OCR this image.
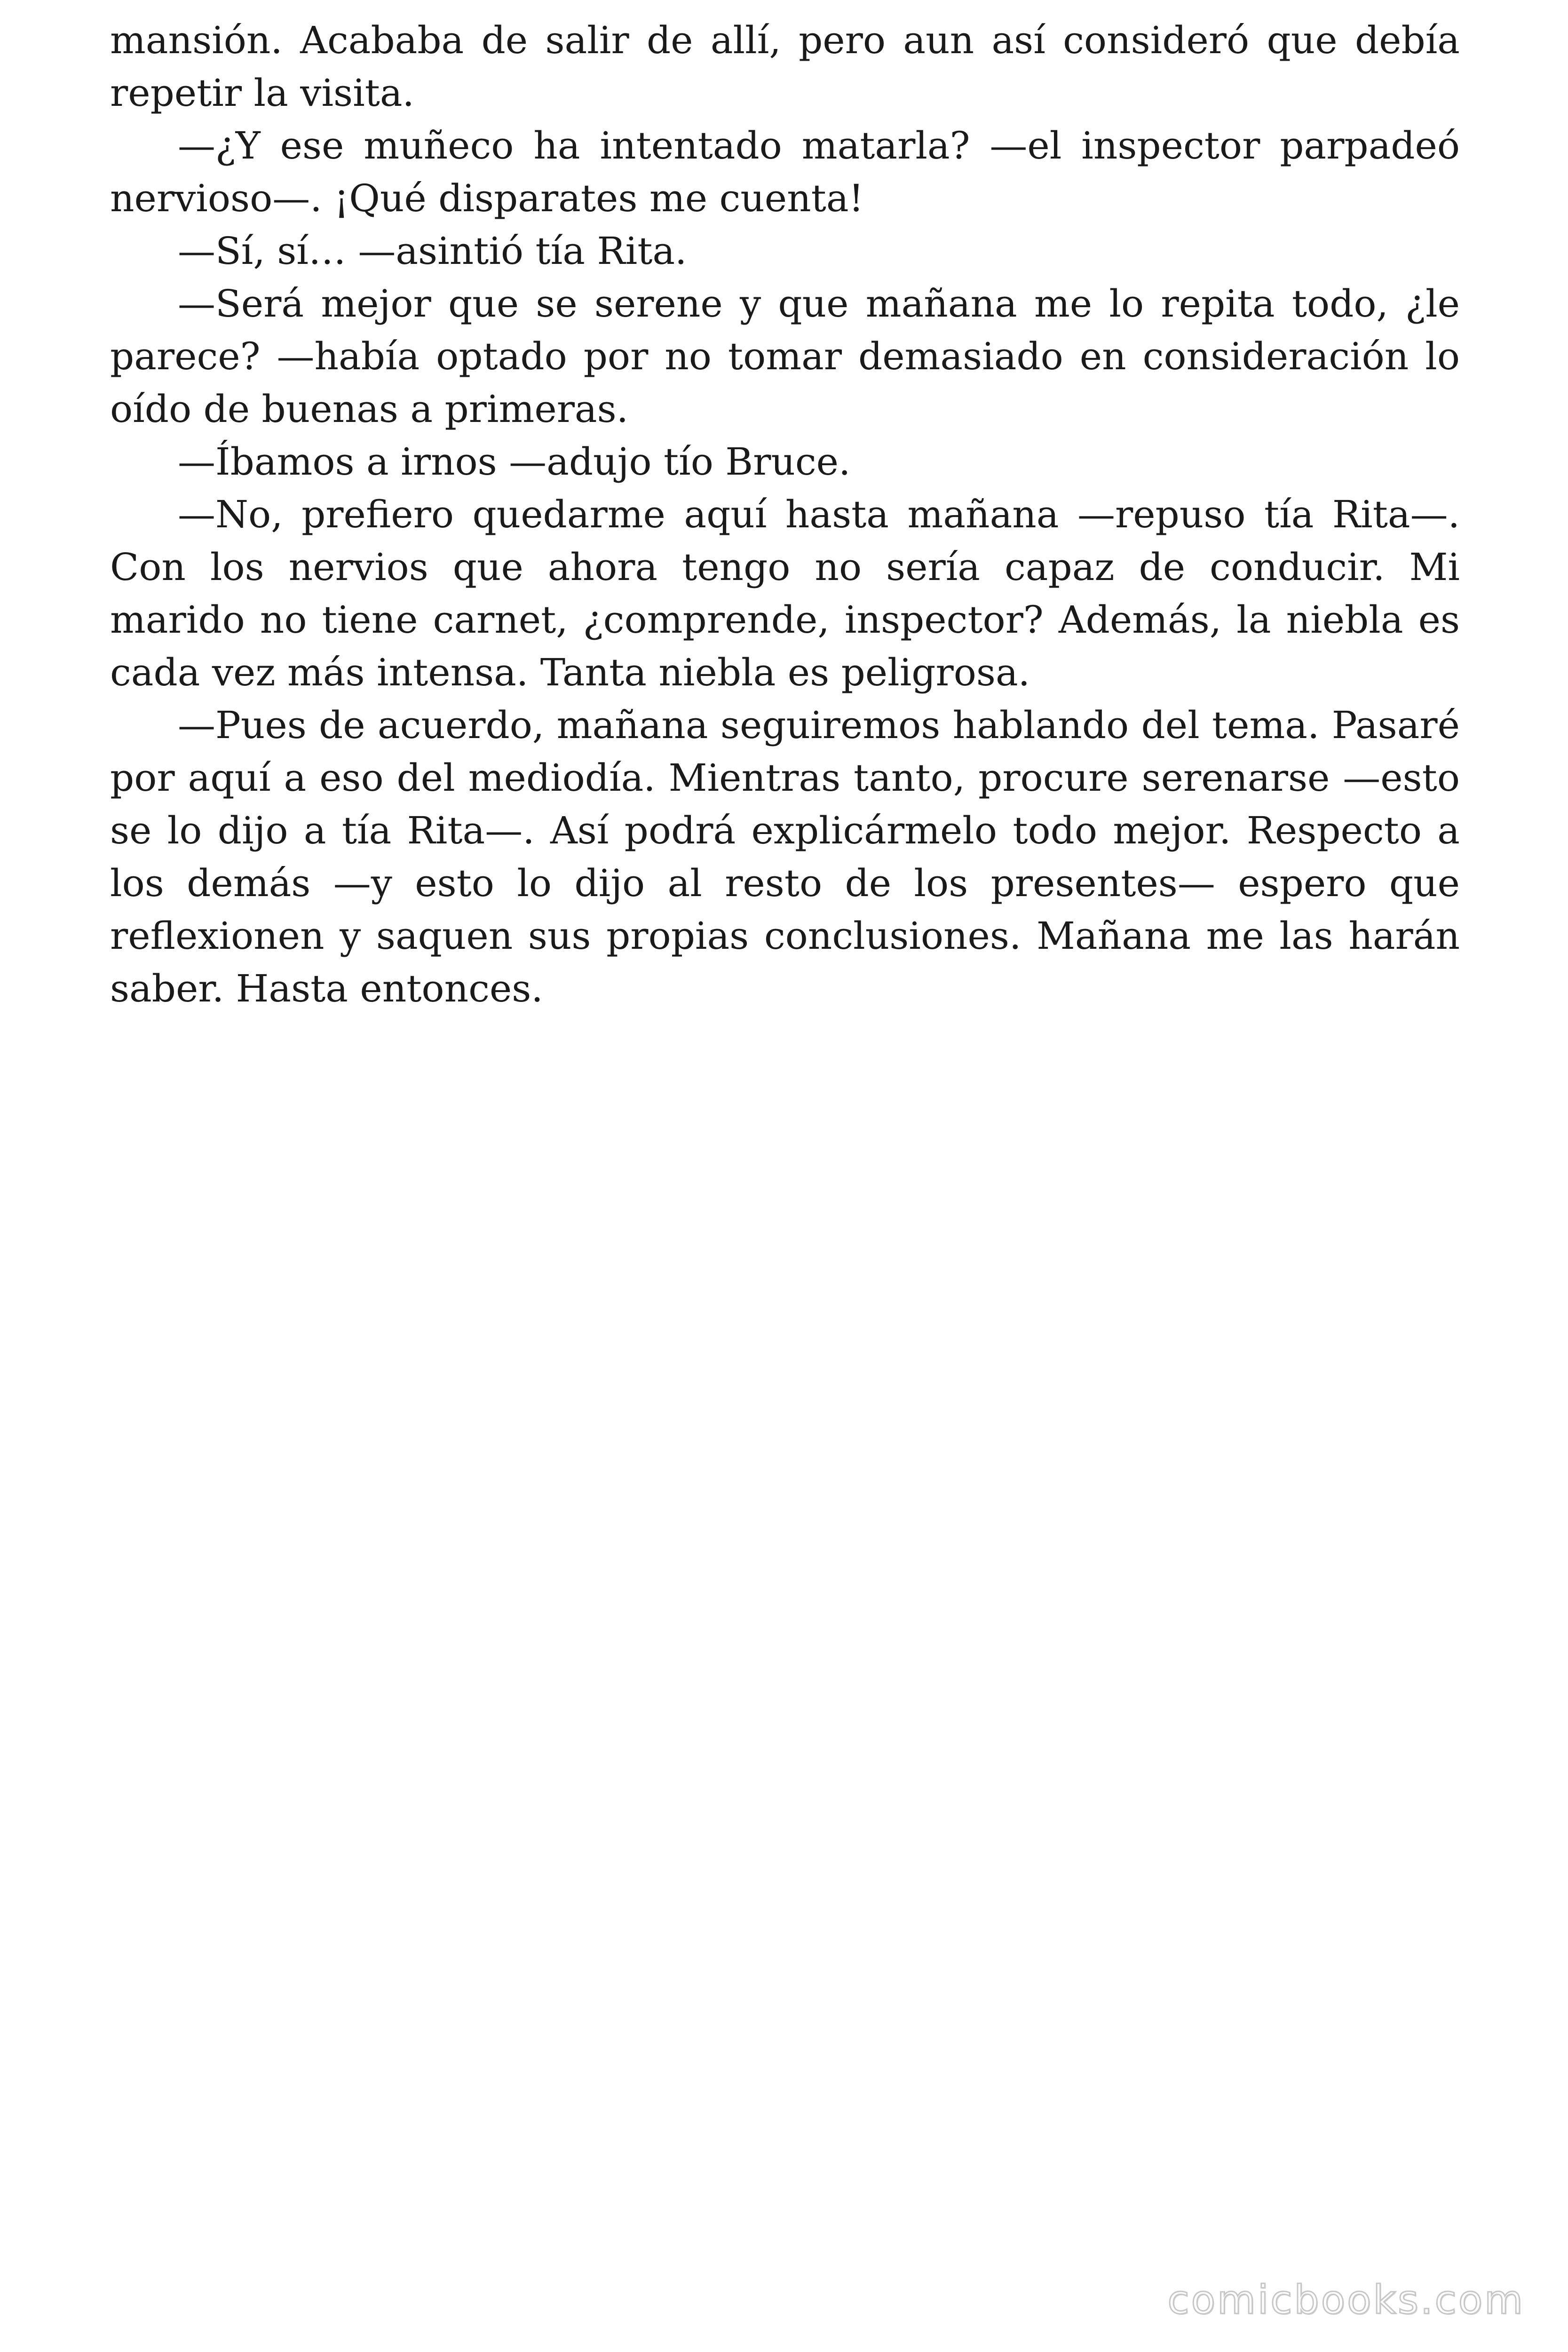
mansión. Acababa de salir de allí, pero aun así consideró que debía repetir la visita.

—¿Y ese muñeco ha intentado matarla? —el inspector parpadeó nervioso—. ¡Qué disparates me cuenta!

—Sí, sí… —asintió tía Rita.

—Será mejor que se serene y que mañana me lo repita todo, ¿le parece? —había optado por no tomar demasiado en consideración lo oído de buenas a primeras.

—Íbamos a irnos —adujo tío Bruce.

—No, prefiero quedarme aquí hasta mañana —repuso tía Rita—. Con los nervios que ahora tengo no sería capaz de conducir. Mi marido no tiene carnet, ¿comprende, inspector? Además, la niebla es cada vez más intensa. Tanta niebla es peligrosa.

—Pues de acuerdo, mañana seguiremos hablando del tema. Pasaré por aquí a eso del mediodía. Mientras tanto, procure serenarse —esto se lo dijo a tía Rita—. Así podrá explicármelo todo mejor. Respecto a los demás —y esto lo dijo al resto de los presentes— espero que reflexionen y saquen sus propias conclusiones. Mañana me las harán saber. Hasta entonces.

comicbooks.com
